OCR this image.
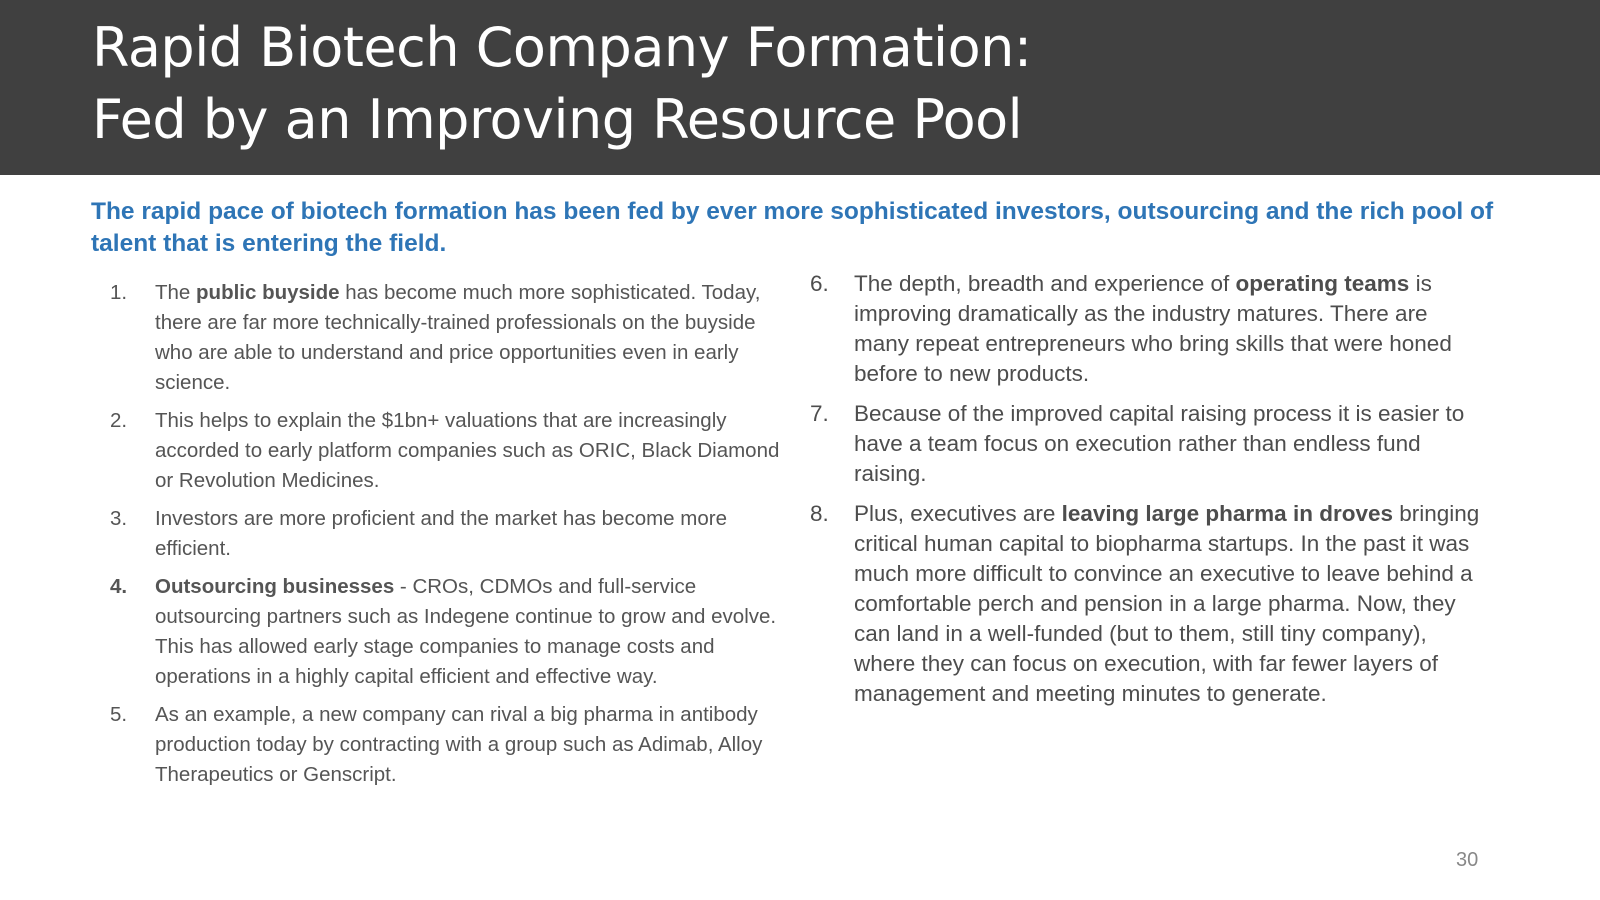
Rapid Biotech Company Formation:
Fed by an Improving Resource Pool
The rapid pace of biotech formation has been fed by ever more sophisticated investors, outsourcing and the rich pool of talent that is entering the field.
1. The public buyside has become much more sophisticated. Today, there are far more technically-trained professionals on the buyside who are able to understand and price opportunities even in early science.
2. This helps to explain the $1bn+ valuations that are increasingly accorded to early platform companies such as ORIC, Black Diamond or Revolution Medicines.
3. Investors are more proficient and the market has become more efficient.
4. Outsourcing businesses - CROs, CDMOs and full-service outsourcing partners such as Indegene continue to grow and evolve. This has allowed early stage companies to manage costs and operations in a highly capital efficient and effective way.
5. As an example, a new company can rival a big pharma in antibody production today by contracting with a group such as Adimab, Alloy Therapeutics or Genscript.
6. The depth, breadth and experience of operating teams is improving dramatically as the industry matures. There are many repeat entrepreneurs who bring skills that were honed before to new products.
7. Because of the improved capital raising process it is easier to have a team focus on execution rather than endless fund raising.
8. Plus, executives are leaving large pharma in droves bringing critical human capital to biopharma startups. In the past it was much more difficult to convince an executive to leave behind a comfortable perch and pension in a large pharma. Now, they can land in a well-funded (but to them, still tiny company), where they can focus on execution, with far fewer layers of management and meeting minutes to generate.
30
